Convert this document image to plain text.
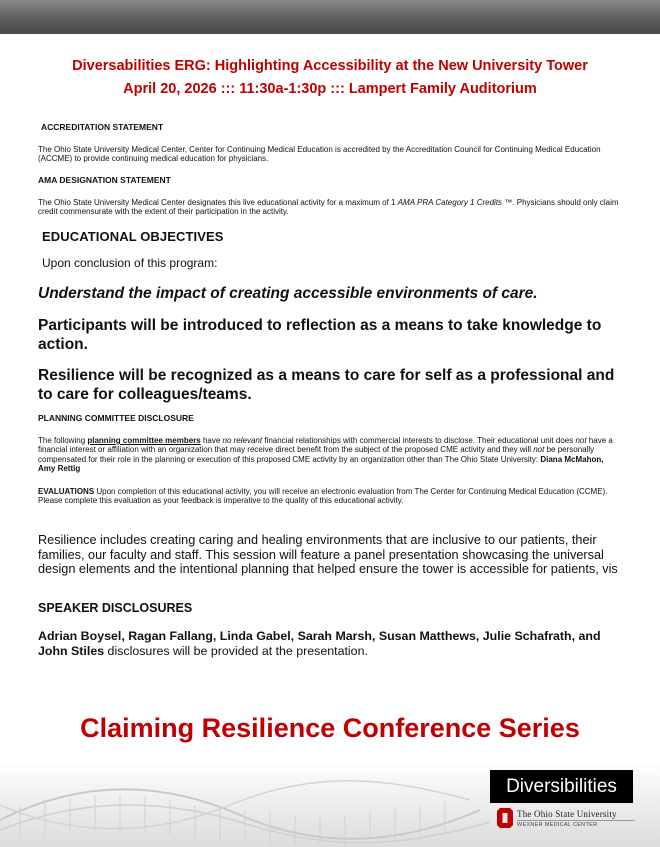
Diversabilities ERG: Highlighting Accessibility at the New University Tower
April 20, 2026 ::: 11:30a-1:30p ::: Lampert Family Auditorium
ACCREDITATION STATEMENT
The Ohio State University Medical Center, Center for Continuing Medical Education is accredited by the Accreditation Council for Continuing Medical Education (ACCME) to provide continuing medical education for physicians.
AMA DESIGNATION STATEMENT
The Ohio State University Medical Center designates this live educational activity for a maximum of 1 AMA PRA Category 1 Credits ™. Physicians should only claim credit commensurate with the extent of their participation in the activity.
EDUCATIONAL OBJECTIVES
Upon conclusion of this program:
Understand the impact of creating accessible environments of care.
Participants will be introduced to reflection as a means to take knowledge to action.
Resilience will be recognized as a means to care for self as a professional and to care for colleagues/teams.
PLANNING COMMITTEE DISCLOSURE
The following planning committee members have no relevant financial relationships with commercial interests to disclose. Their educational unit does not have a financial interest or affiliation with an organization that may receive direct benefit from the subject of the proposed CME activity and they will not be personally compensated for their role in the planning or execution of this proposed CME activity by an organization other than The Ohio State University: Diana McMahon, Amy Rettig
EVALUATIONS Upon completion of this educational activity, you will receive an electronic evaluation from The Center for Continuing Medical Education (CCME). Please complete this evaluation as your feedback is imperative to the quality of this educational activity.
Resilience includes creating caring and healing environments that are inclusive to our patients, their families, our faculty and staff. This session will feature a panel presentation showcasing the universal design elements and the intentional planning that helped ensure the tower is accessible for patients, vis
SPEAKER DISCLOSURES
Adrian Boysel, Ragan Fallang, Linda Gabel, Sarah Marsh, Susan Matthews, Julie Schafrath, and John Stiles disclosures will be provided at the presentation.
Claiming Resilience Conference Series
Diversibilities
The Ohio State University
WEXNER MEDICAL CENTER
